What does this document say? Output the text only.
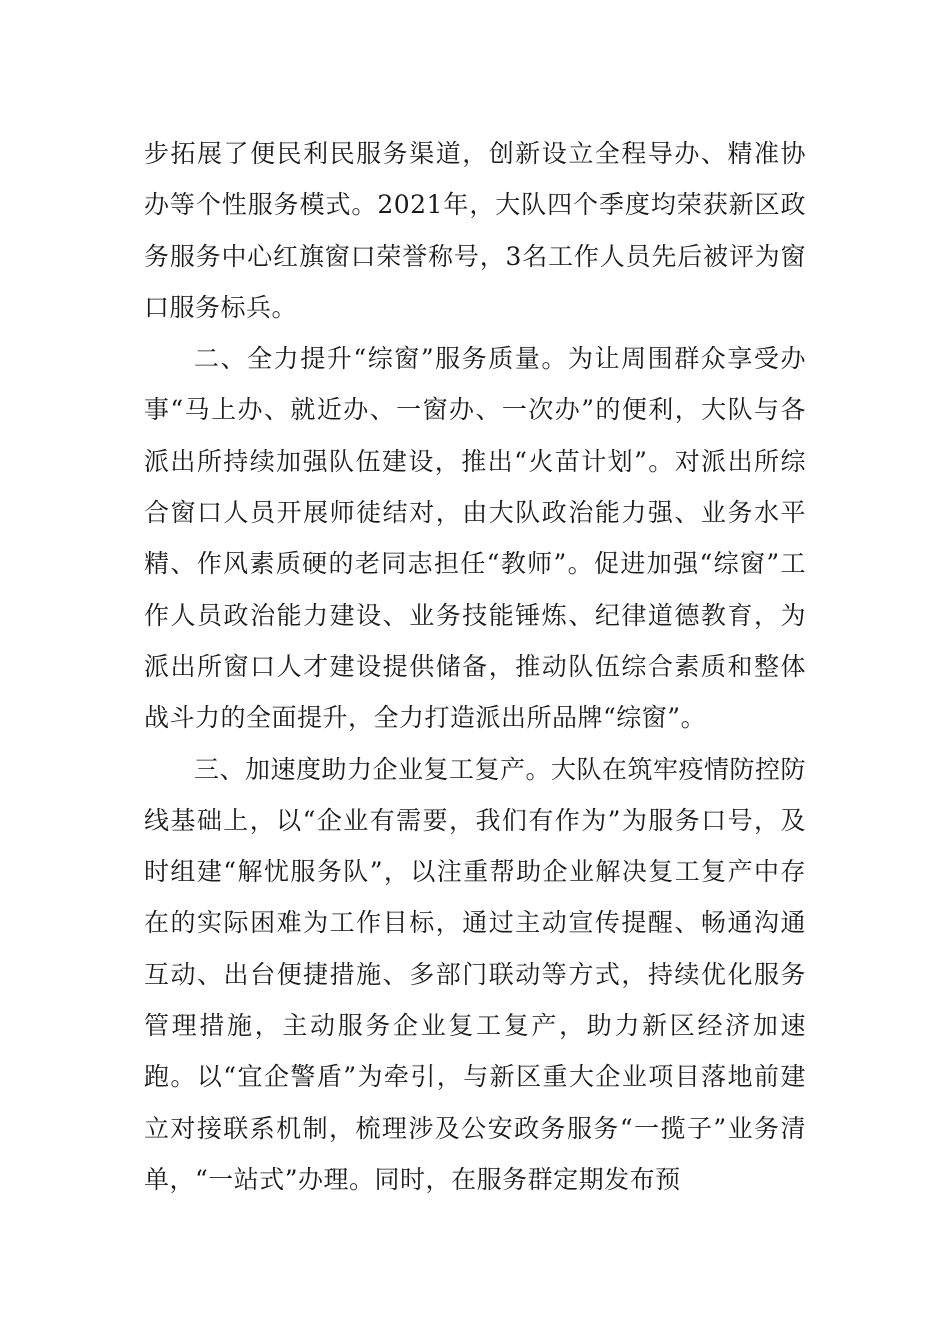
步拓展了便民利民服务渠道，创新设立全程导办、精准协办等个性服务模式。2021年，大队四个季度均荣获新区政务服务中心红旗窗口荣誉称号，3名工作人员先后被评为窗口服务标兵。

二、全力提升“综窗”服务质量。为让周围群众享受办事“马上办、就近办、一窗办、一次办”的便利，大队与各派出所持续加强队伍建设，推出“火苗计划”。对派出所综合窗口人员开展师徒结对，由大队政治能力强、业务水平精、作风素质硬的老同志担任“教师”。促进加强“综窗”工作人员政治能力建设、业务技能锤炼、纪律道德教育，为派出所窗口人才建设提供储备，推动队伍综合素质和整体战斗力的全面提升，全力打造派出所品牌“综窗”。

三、加速度助力企业复工复产。大队在筑牢疫情防控防线基础上，以“企业有需要，我们有作为”为服务口号，及时组建“解忧服务队”，以注重帮助企业解决复工复产中存在的实际困难为工作目标，通过主动宣传提醒、畅通沟通互动、出台便捷措施、多部门联动等方式，持续优化服务管理措施，主动服务企业复工复产，助力新区经济加速跑。以“宜企警盾”为牵引，与新区重大企业项目落地前建立对接联系机制，梳理涉及公安政务服务“一揽子”业务清单，“一站式”办理。同时，在服务群定期发布预
